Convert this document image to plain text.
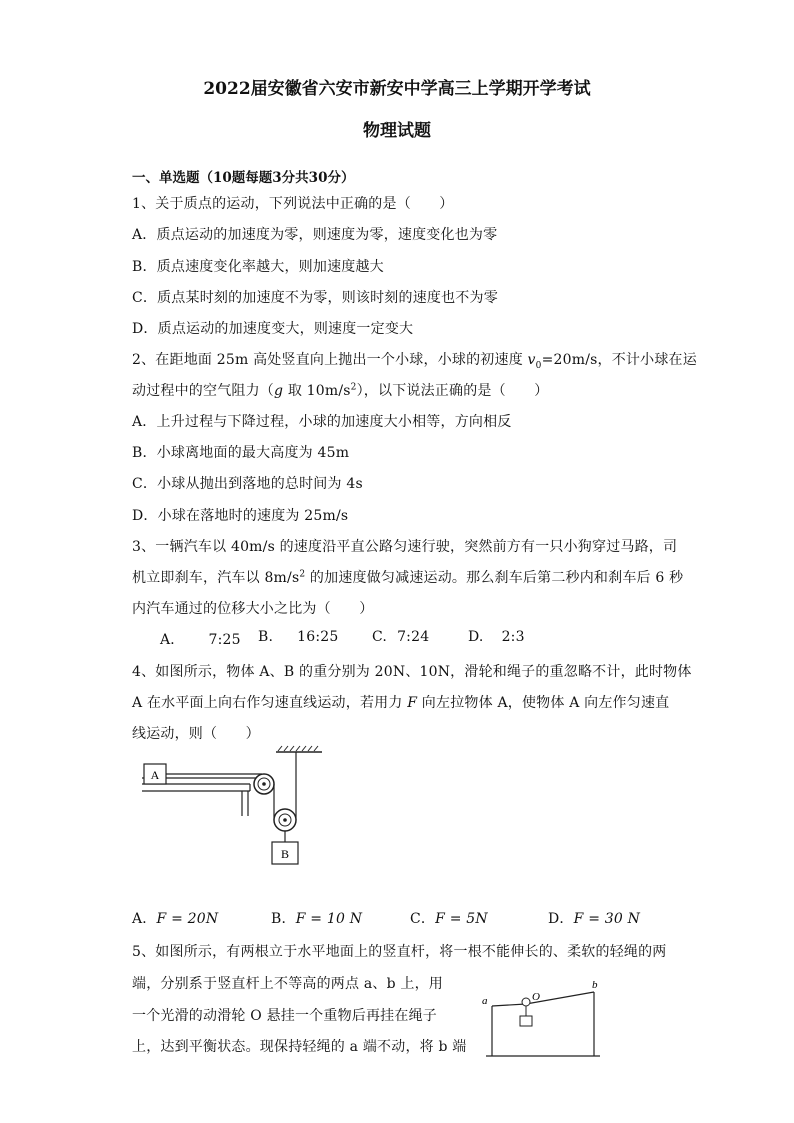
2022届安徽省六安市新安中学高三上学期开学考试
物理试题
一、单选题（10题每题3分共30分）
1、关于质点的运动，下列说法中正确的是（　　）
A．质点运动的加速度为零，则速度为零，速度变化也为零
B．质点速度变化率越大，则加速度越大
C．质点某时刻的加速度不为零，则该时刻的速度也不为零
D．质点运动的加速度变大，则速度一定变大
2、在距地面 25m 高处竖直向上抛出一个小球，小球的初速度 $v_0=20m/s$，不计小球在运
动过程中的空气阻力（g 取 $10m/s^2$），以下说法正确的是（　　）
A．上升过程与下降过程，小球的加速度大小相等，方向相反
B．小球离地面的最大高度为 45m
C．小球从抛出到落地的总时间为 4s
D．小球在落地时的速度为 25m/s
3、一辆汽车以 40m/s 的速度沿平直公路匀速行驶，突然前方有一只小狗穿过马路，司
机立即刹车，汽车以 $8m/s^2$ 的加速度做匀减速运动。那么刹车后第二秒内和刹车后 6 秒
内汽车通过的位移大小之比为（　　）
A． 7:25 B. 16:25 C. 7:24	D. 2:3
4、如图所示，物体 A、B 的重分别为 20N、10N，滑轮和绳子的重忽略不计，此时物体
A 在水平面上向右作匀速直线运动，若用力 F 向左拉物体 A，使物体 A 向左作匀速直
线运动，则（　　）
A
B
A．F = 20N	B．F = 10 N	C．F = 5N	D．F = 30 N
5、如图所示，有两根立于水平地面上的竖直杆，将一根不能伸长的、柔软的轻绳的两
端，分别系于竖直杆上不等高的两点 a、b 上，用
一个光滑的动滑轮 O 悬挂一个重物后再挂在绳子
上，达到平衡状态。现保持轻绳的 a 端不动，将 b 端
a
b
O
